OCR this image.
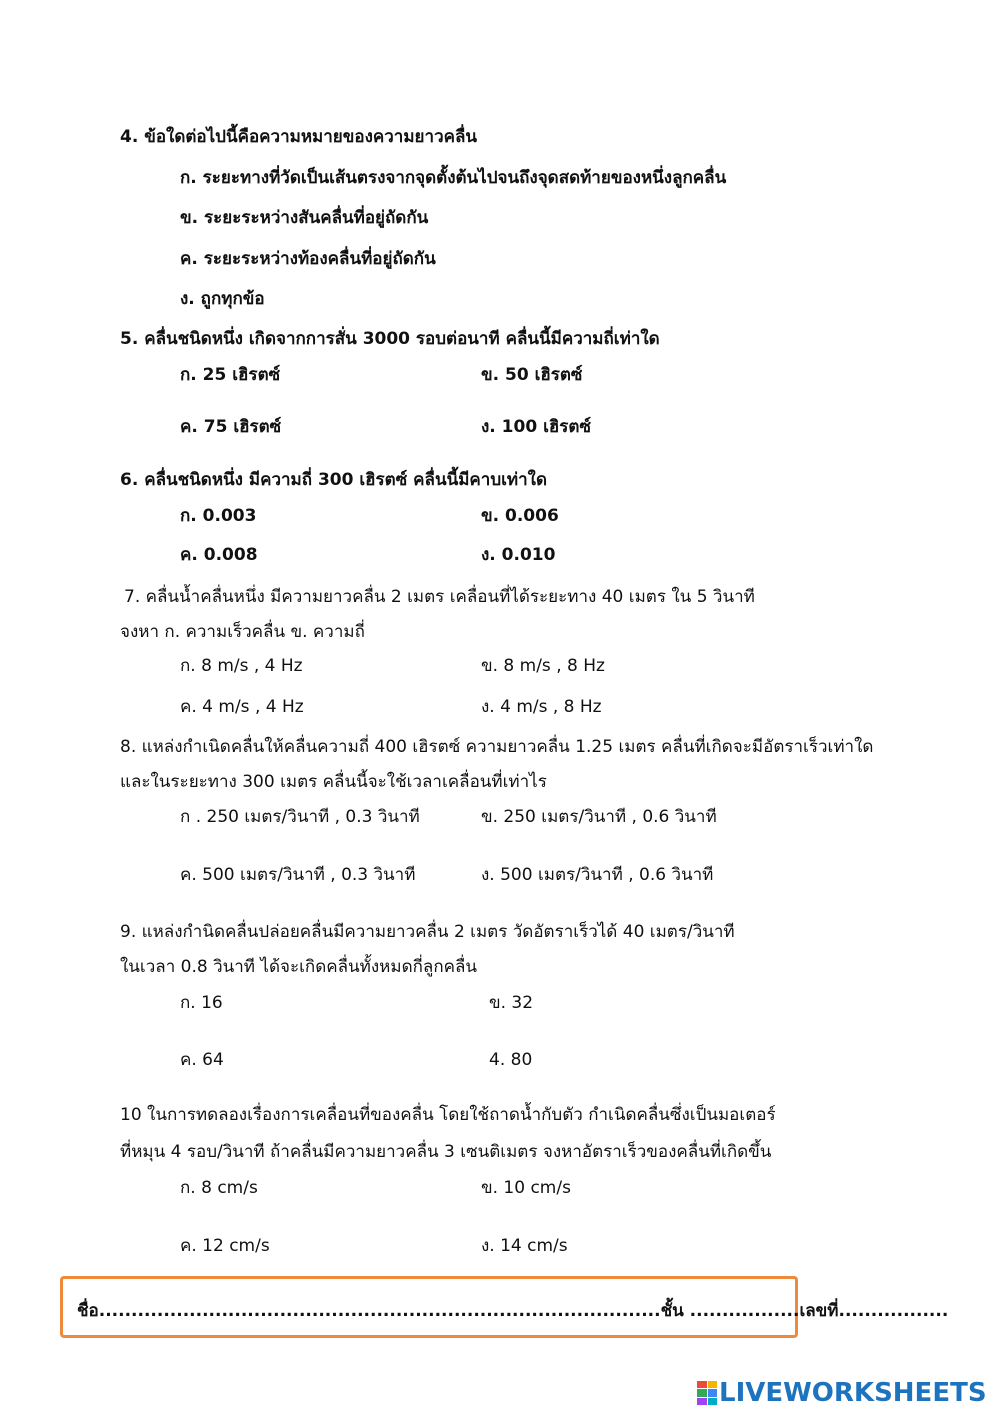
4. ข้อใดต่อไปนี้คือความหมายของความยาวคลื่น
ก. ระยะทางที่วัดเป็นเส้นตรงจากจุดตั้งต้นไปจนถึงจุดสดท้ายของหนึ่งลูกคลื่น
ข. ระยะระหว่างสันคลื่นที่อยู่ถัดกัน
ค. ระยะระหว่างท้องคลื่นที่อยู่ถัดกัน
ง. ถูกทุกข้อ
5. คลื่นชนิดหนึ่ง เกิดจากการสั่น 3000 รอบต่อนาที คลื่นนี้มีความถี่เท่าใด
ก. 25 เฮิรตซ์	ข. 50 เฮิรตซ์
ค. 75 เฮิรตซ์	ง. 100 เฮิรตซ์
6. คลื่นชนิดหนึ่ง มีความถี่ 300 เฮิรตซ์ คลื่นนี้มีคาบเท่าใด
ก. 0.003	ข. 0.006
ค. 0.008	ง. 0.010
7. คลื่นน้ำคลื่นหนึ่ง มีความยาวคลื่น 2 เมตร เคลื่อนที่ได้ระยะทาง 40 เมตร ใน 5 วินาที
จงหา ก. ความเร็วคลื่น ข. ความถี่
ก. 8 m/s , 4 Hz	ข. 8 m/s , 8 Hz
ค. 4 m/s , 4 Hz	ง. 4 m/s , 8 Hz
8. แหล่งกำเนิดคลื่นให้คลื่นความถี่ 400 เฮิรตซ์ ความยาวคลื่น 1.25 เมตร คลื่นที่เกิดจะมีอัตราเร็วเท่าใด
และในระยะทาง 300 เมตร คลื่นนี้จะใช้เวลาเคลื่อนที่เท่าไร
ก . 250 เมตร/วินาที , 0.3 วินาที	ข. 250 เมตร/วินาที , 0.6 วินาที
ค. 500 เมตร/วินาที , 0.3 วินาที	ง. 500 เมตร/วินาที , 0.6 วินาที
9. แหล่งกำนิดคลื่นปล่อยคลื่นมีความยาวคลื่น 2 เมตร วัดอัตราเร็วได้ 40 เมตร/วินาที
ในเวลา 0.8 วินาที ได้จะเกิดคลื่นทั้งหมดกี่ลูกคลื่น
ก. 16	ข. 32
ค. 64	4. 80
10 ในการทดลองเรื่องการเคลื่อนที่ของคลื่น โดยใช้ถาดน้ำกับตัว กำเนิดคลื่นซึ่งเป็นมอเตอร์
ที่หมุน 4 รอบ/วินาที ถ้าคลื่นมีความยาวคลื่น 3 เซนติเมตร จงหาอัตราเร็วของคลื่นที่เกิดขึ้น
ก. 8 cm/s	ข. 10 cm/s
ค. 12 cm/s	ง. 14 cm/s
ชื่อ.......................................................................................ชั้น .................เลขที่.................
LIVEWORKSHEETS
